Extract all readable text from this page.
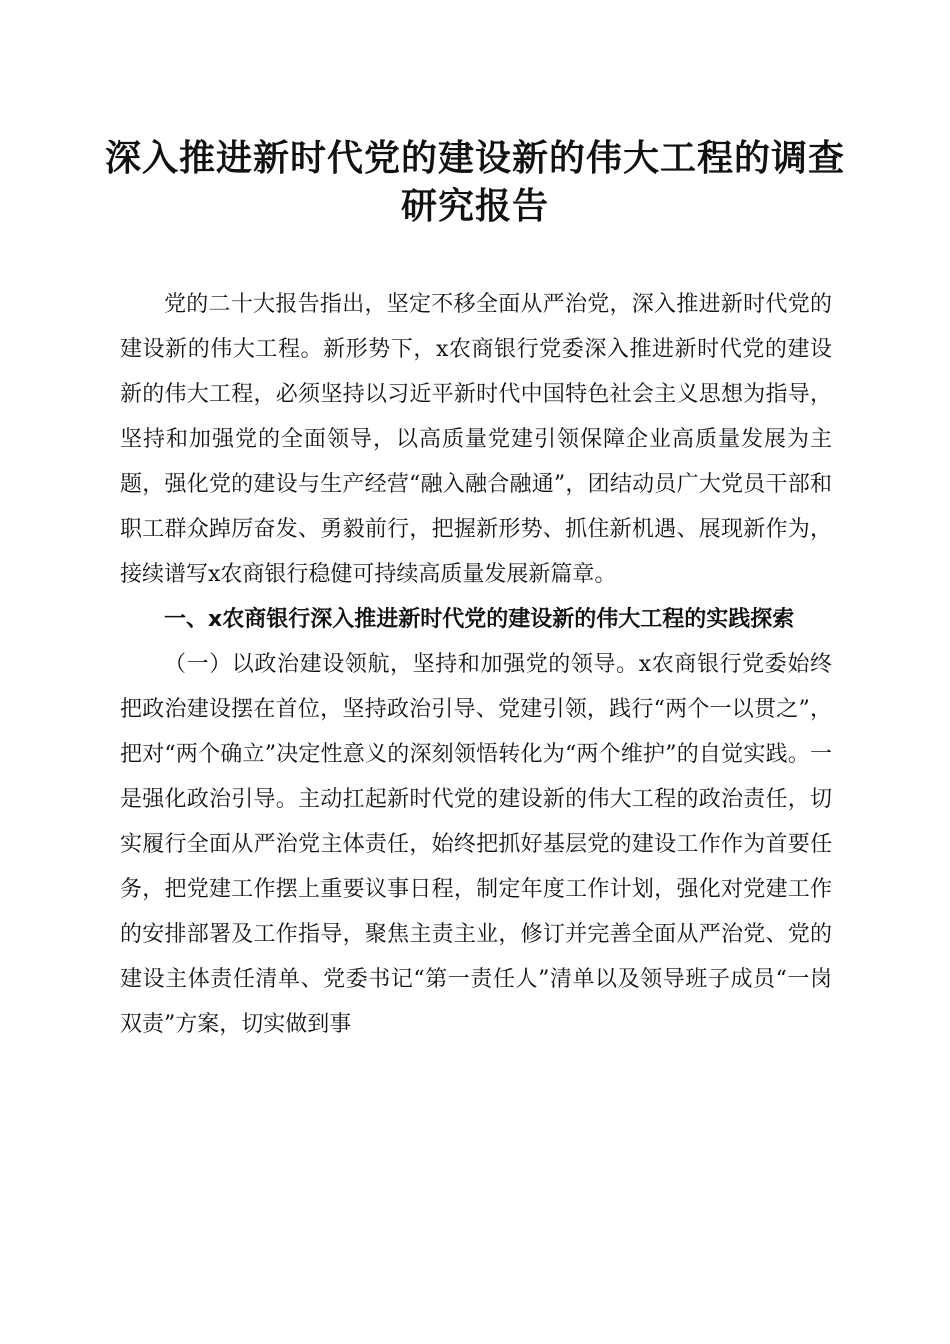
深入推进新时代党的建设新的伟大工程的调查
研究报告

党的二十大报告指出，坚定不移全面从严治党，深入推进新时代党的建设新的伟大工程。新形势下，x农商银行党委深入推进新时代党的建设新的伟大工程，必须坚持以习近平新时代中国特色社会主义思想为指导，坚持和加强党的全面领导，以高质量党建引领保障企业高质量发展为主题，强化党的建设与生产经营“融入融合融通”，团结动员广大党员干部和职工群众踔厉奋发、勇毅前行，把握新形势、抓住新机遇、展现新作为，接续谱写x农商银行稳健可持续高质量发展新篇章。

一、x农商银行深入推进新时代党的建设新的伟大工程的实践探索

（一）以政治建设领航，坚持和加强党的领导。x农商银行党委始终把政治建设摆在首位，坚持政治引导、党建引领，践行“两个一以贯之”，把对“两个确立”决定性意义的深刻领悟转化为“两个维护”的自觉实践。一是强化政治引导。主动扛起新时代党的建设新的伟大工程的政治责任，切实履行全面从严治党主体责任，始终把抓好基层党的建设工作作为首要任务，把党建工作摆上重要议事日程，制定年度工作计划，强化对党建工作的安排部署及工作指导，聚焦主责主业，修订并完善全面从严治党、党的建设主体责任清单、党委书记“第一责任人”清单以及领导班子成员“一岗双责”方案，切实做到事
